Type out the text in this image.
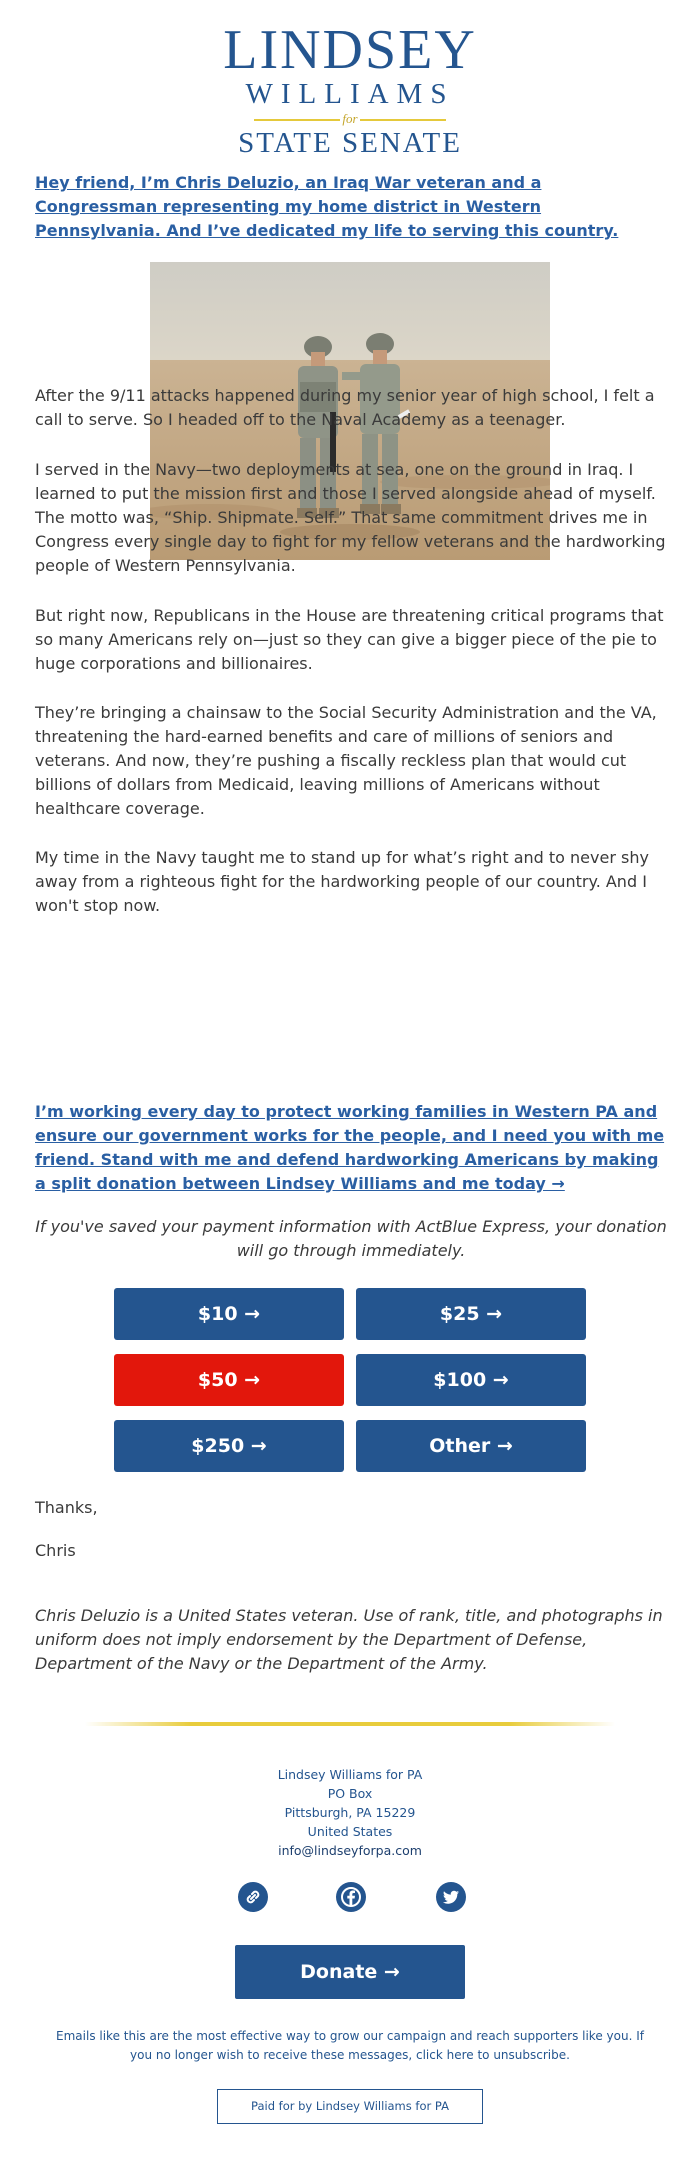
LINDSEY
WILLIAMS
for
STATE SENATE
Hey friend, I’m Chris Deluzio, an Iraq War veteran and a Congressman representing my home district in Western Pennsylvania. And I’ve dedicated my life to serving this country.

After the 9/11 attacks happened during my senior year of high school, I felt a call to serve. So I headed off to the Naval Academy as a teenager.

I served in the Navy—two deployments at sea, one on the ground in Iraq. I learned to put the mission first and those I served alongside ahead of myself. The motto was, “Ship. Shipmate. Self.” That same commitment drives me in Congress every single day to fight for my fellow veterans and the hardworking people of Western Pennsylvania.

But right now, Republicans in the House are threatening critical programs that so many Americans rely on—just so they can give a bigger piece of the pie to huge corporations and billionaires.

They’re bringing a chainsaw to the Social Security Administration and the VA, threatening the hard-earned benefits and care of millions of seniors and veterans. And now, they’re pushing a fiscally reckless plan that would cut billions of dollars from Medicaid, leaving millions of Americans without healthcare coverage.

My time in the Navy taught me to stand up for what’s right and to never shy away from a righteous fight for the hardworking people of our country. And I won't stop now.

I’m working every day to protect working families in Western PA and ensure our government works for the people, and I need you with me friend. Stand with me and defend hardworking Americans by making a split donation between Lindsey Williams and me today →
If you've saved your payment information with ActBlue Express, your donation will go through immediately.
$10 →	$25 →
$50 →	$100 →
$250 →	Other →
Thanks,
Chris
Chris Deluzio is a United States veteran. Use of rank, title, and photographs in uniform does not imply endorsement by the Department of Defense, Department of the Navy or the Department of the Army.
Lindsey Williams for PA
PO Box
Pittsburgh, PA 15229
United States
info@lindseyforpa.com
Donate →
Emails like this are the most effective way to grow our campaign and reach supporters like you. If you no longer wish to receive these messages, click here to unsubscribe.
Paid for by Lindsey Williams for PA
